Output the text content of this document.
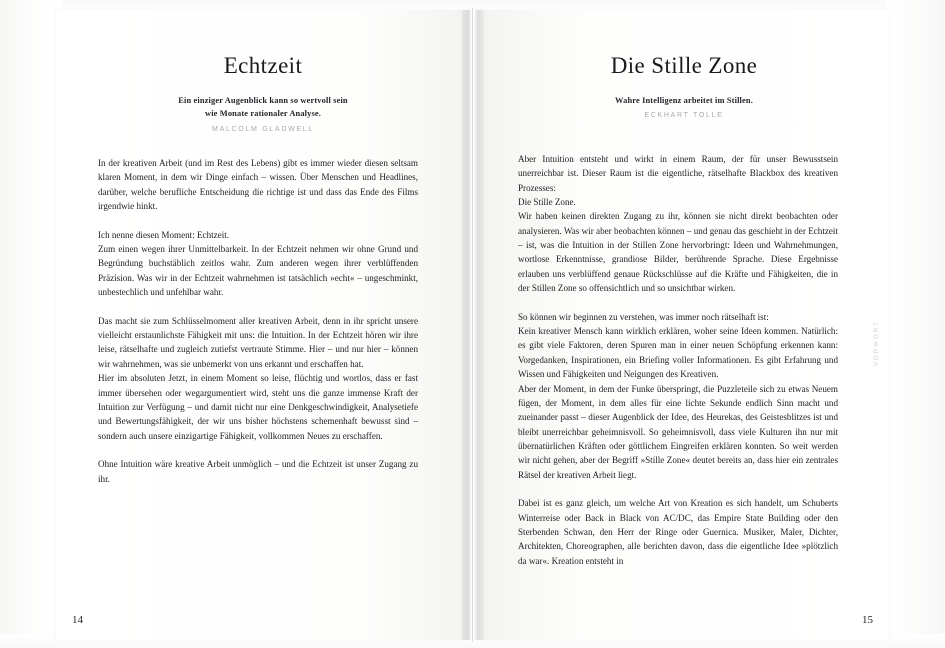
Echtzeit
Ein einziger Augenblick kann so wertvoll sein
wie Monate rationaler Analyse.
MALCOLM GLADWELL

In der kreativen Arbeit (und im Rest des Lebens) gibt es immer wieder diesen seltsam klaren Moment, in dem wir Dinge einfach – wissen. Über Menschen und Headlines, darüber, welche berufliche Entscheidung die richtige ist und dass das Ende des Films irgendwie hinkt.

Ich nenne diesen Moment: Echtzeit.

Zum einen wegen ihrer Unmittelbarkeit. In der Echtzeit nehmen wir ohne Grund und Begründung buchstäblich zeitlos wahr. Zum anderen wegen ihrer verblüffenden Präzision. Was wir in der Echtzeit wahrnehmen ist tatsächlich »echt« – ungeschminkt, unbestechlich und unfehlbar wahr.

Das macht sie zum Schlüsselmoment aller kreativen Arbeit, denn in ihr spricht unsere vielleicht erstaunlichste Fähigkeit mit uns: die Intuition. In der Echtzeit hören wir ihre leise, rätselhafte und zugleich zutiefst vertraute Stimme. Hier – und nur hier – können wir wahrnehmen, was sie unbemerkt von uns erkannt und erschaffen hat.

Hier im absoluten Jetzt, in einem Moment so leise, flüchtig und wortlos, dass er fast immer übersehen oder wegargumentiert wird, steht uns die ganze immense Kraft der Intuition zur Verfügung – und damit nicht nur eine Denkgeschwindigkeit, Analysetiefe und Bewertungsfähigkeit, der wir uns bisher höchstens schemenhaft bewusst sind – sondern auch unsere einzigartige Fähigkeit, vollkommen Neues zu erschaffen.

Ohne Intuition wäre kreative Arbeit unmöglich – und die Echtzeit ist unser Zugang zu ihr.

14
Die Stille Zone
Wahre Intelligenz arbeitet im Stillen.
ECKHART TOLLE

Aber Intuition entsteht und wirkt in einem Raum, der für unser Bewusstsein unerreichbar ist. Dieser Raum ist die eigentliche, rätselhafte Blackbox des kreativen Prozesses:

Die Stille Zone.

Wir haben keinen direkten Zugang zu ihr, können sie nicht direkt beobachten oder analysieren. Was wir aber beobachten können – und genau das geschieht in der Echtzeit – ist, was die Intuition in der Stillen Zone hervorbringt: Ideen und Wahrnehmungen, wortlose Erkenntnisse, grandiose Bilder, berührende Sprache. Diese Ergebnisse erlauben uns verblüffend genaue Rückschlüsse auf die Kräfte und Fähigkeiten, die in der Stillen Zone so offensichtlich und so unsichtbar wirken.

So können wir beginnen zu verstehen, was immer noch rätselhaft ist:

Kein kreativer Mensch kann wirklich erklären, woher seine Ideen kommen. Natürlich: es gibt viele Faktoren, deren Spuren man in einer neuen Schöpfung erkennen kann: Vorgedanken, Inspirationen, ein Briefing voller Informationen. Es gibt Erfahrung und Wissen und Fähigkeiten und Neigungen des Kreativen.

Aber der Moment, in dem der Funke überspringt, die Puzzleteile sich zu etwas Neuem fügen, der Moment, in dem alles für eine lichte Sekunde endlich Sinn macht und zueinander passt – dieser Augenblick der Idee, des Heurekas, des Geistesblitzes ist und bleibt unerreichbar geheimnisvoll. So geheimnisvoll, dass viele Kulturen ihn nur mit übernatürlichen Kräften oder göttlichem Eingreifen erklären konnten. So weit werden wir nicht gehen, aber der Begriff »Stille Zone« deutet bereits an, dass hier ein zentrales Rätsel der kreativen Arbeit liegt.

Dabei ist es ganz gleich, um welche Art von Kreation es sich handelt, um Schuberts Winterreise oder Back in Black von AC/DC, das Empire State Building oder den Sterbenden Schwan, den Herr der Ringe oder Guernica. Musiker, Maler, Dichter, Architekten, Choreographen, alle berichten davon, dass die eigentliche Idee »plötzlich da war«. Kreation entsteht in

VORWORT
15
